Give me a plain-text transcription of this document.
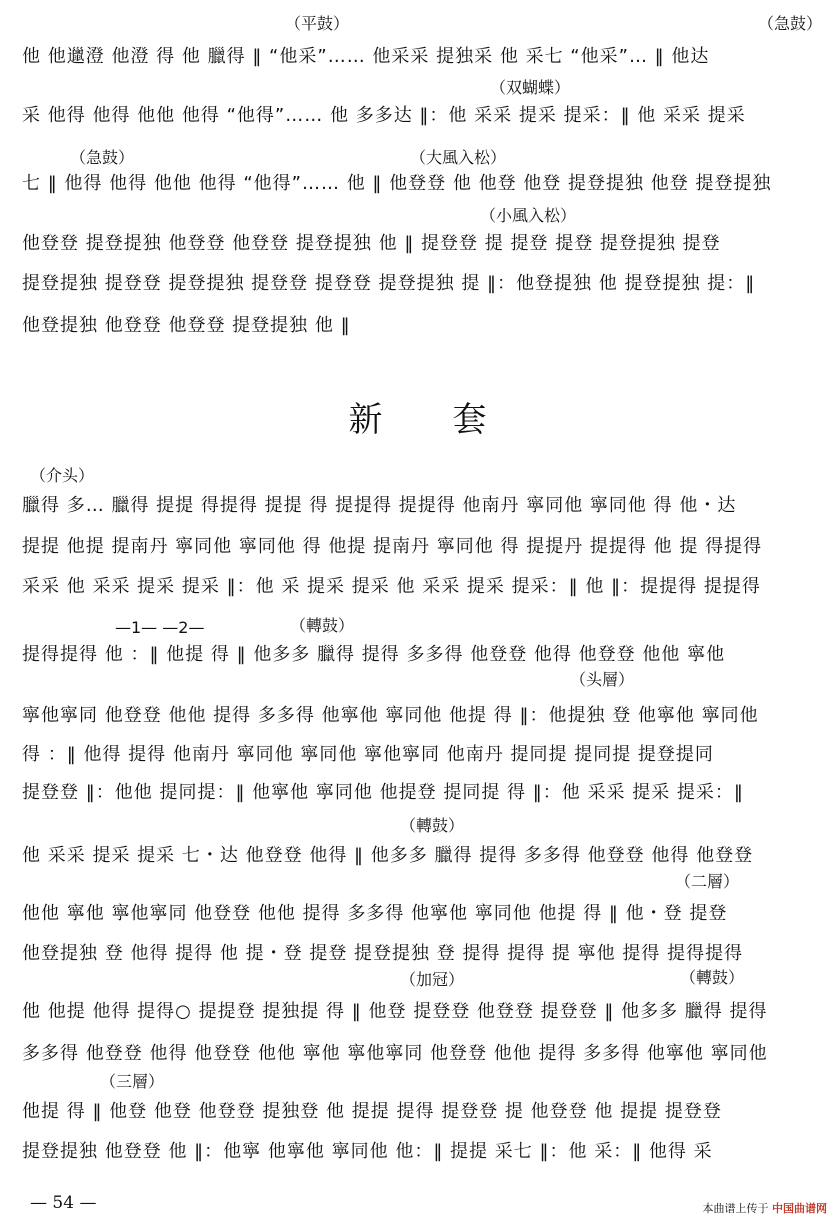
（平鼓）	（急鼓）
他 他邋澄 他澄 得 他 臘得 ‖ “他采”…… 他采采 提独采 他 采七 “他采”… ‖ 他达
（双蝴蝶）
采 他得 他得 他他 他得 “他得”…… 他 多多达 ‖：他 采采 提采 提采：‖ 他 采采 提采
（急鼓）	（大風入松）
七 ‖ 他得 他得 他他 他得 “他得”…… 他 ‖ 他登登 他 他登 他登 提登提独 他登 提登提独
（小風入松）
他登登 提登提独 他登登 他登登 提登提独 他 ‖ 提登登 提 提登 提登 提登提独 提登
提登提独 提登登 提登提独 提登登 提登登 提登提独 提 ‖：他登提独 他 提登提独 提：‖
他登提独 他登登 他登登 提登提独 他 ‖
新套
（介头）
臘得 多… 臘得 提提 得提得 提提 得 提提得 提提得 他南丹 寧同他 寧同他 得 他・达
提提 他提 提南丹 寧同他 寧同他 得 他提 提南丹 寧同他 得 提提丹 提提得 他 提 得提得
采采 他 采采 提采 提采 ‖：他 采 提采 提采 他 采采 提采 提采：‖ 他 ‖：提提得 提提得
—1— —2—	（轉鼓）
提得提得 他 ：‖ 他提 得 ‖ 他多多 臘得 提得 多多得 他登登 他得 他登登 他他 寧他
（头層）
寧他寧同 他登登 他他 提得 多多得 他寧他 寧同他 他提 得 ‖：他提独 登 他寧他 寧同他
得 ：‖ 他得 提得 他南丹 寧同他 寧同他 寧他寧同 他南丹 提同提 提同提 提登提同
提登登 ‖：他他 提同提：‖ 他寧他 寧同他 他提登 提同提 得 ‖：他 采采 提采 提采：‖
（轉鼓）
他 采采 提采 提采 七・达 他登登 他得 ‖ 他多多 臘得 提得 多多得 他登登 他得 他登登
（二層）
他他 寧他 寧他寧同 他登登 他他 提得 多多得 他寧他 寧同他 他提 得 ‖ 他・登 提登
他登提独 登 他得 提得 他 提・登 提登 提登提独 登 提得 提得 提 寧他 提得 提得提得
（加冠）	（轉鼓）
他 他提 他得 提得○ 提提登 提独提 得 ‖ 他登 提登登 他登登 提登登 ‖ 他多多 臘得 提得
多多得 他登登 他得 他登登 他他 寧他 寧他寧同 他登登 他他 提得 多多得 他寧他 寧同他
（三層）
他提 得 ‖ 他登 他登 他登登 提独登 他 提提 提得 提登登 提 他登登 他 提提 提登登
提登提独 他登登 他 ‖：他寧 他寧他 寧同他 他：‖ 提提 采七 ‖：他 采：‖ 他得 采
— 54 —	本曲谱上传于 中国曲谱网
